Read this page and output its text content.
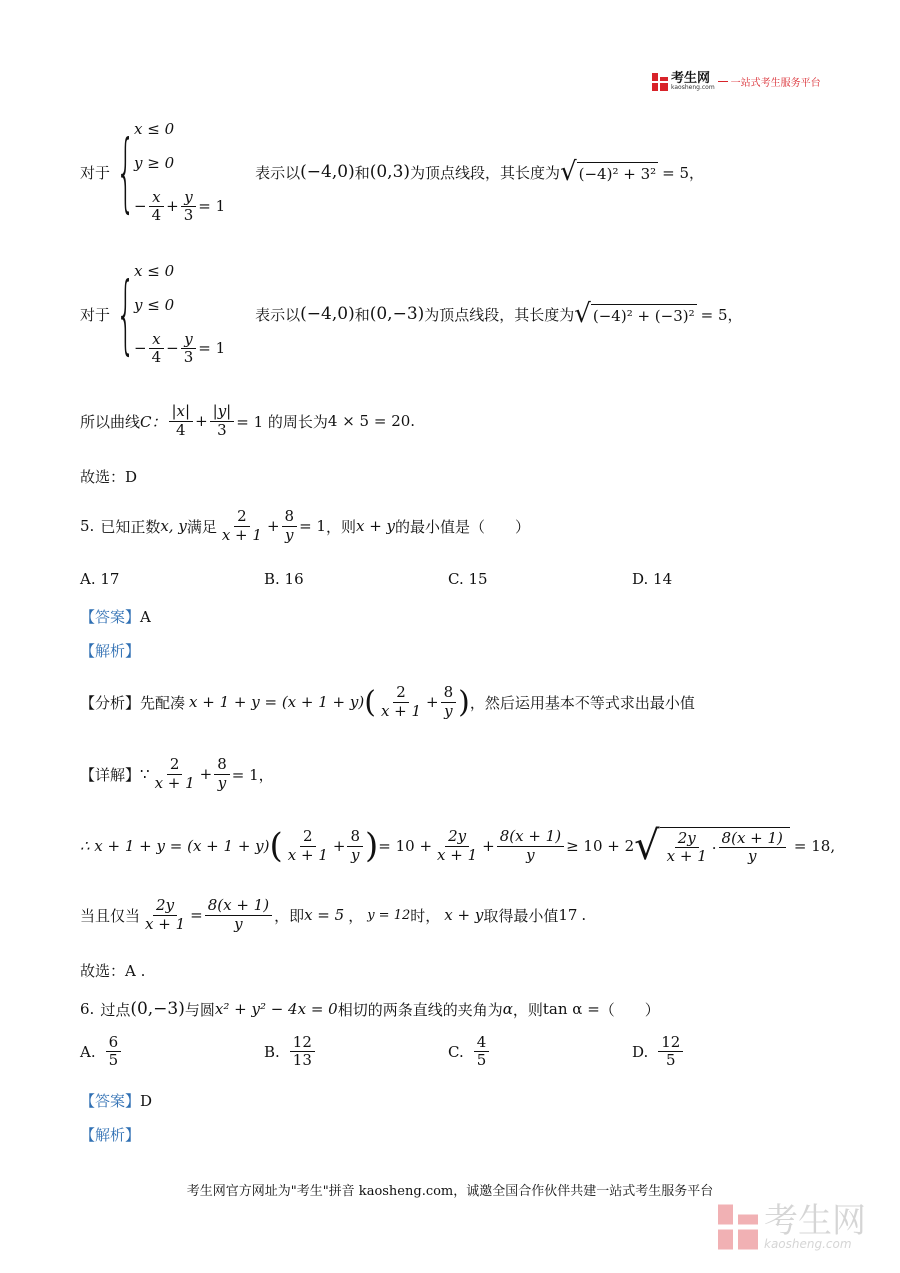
考生网
kaosheng.com 一站式考生服务平台
对于 {
x ≤ 0
y ≥ 0
− $\frac{x}{4} + \frac{y}{3} = 1$
表示以 (−4,0) 和 (0,3) 为顶点线段，其长度为 √ (−4)² + 3² = 5，
对于 {
x ≤ 0
y ≤ 0
− $\frac{x}{4} - \frac{y}{3} = 1$
表示以 (−4,0) 和 (0,−3) 为顶点线段，其长度为 √ (−4)² + (−3)² = 5，
所以曲线 C： $\frac{|x|}{4} + \frac{|y|}{3} = 1$ 的周长为 4 × 5 = 20 .
故选：D
5. 已知正数 x, y 满足 $\frac{2}{x + 1} + \frac{8}{y} = 1$ ，则 x + y 的最小值是（　　）
A. 17	B. 16	C. 15	D. 14
【答案】A
【解析】
【分析】 先配凑 x + 1 + y = (x + 1 + y) ( $\frac{2}{x + 1} + \frac{8}{y}$ ) ，然后运用基本不等式求出最小值
【详解】 ∵ $\frac{2}{x + 1} + \frac{8}{y} = 1$，
∴ x + 1 + y = (x + 1 + y) ( $\frac{2}{x + 1} + \frac{8}{y}$ ) = $10 + \frac{2y}{x + 1} + \frac{8(x + 1)}{y} \ge 10 + 2$ √ $\frac{2y}{x + 1} \cdot \frac{8(x + 1)}{y} = 18$,
当且仅当 $\frac{2y}{x + 1} = \frac{8(x + 1)}{y}$ ，即 x = 5 ， y = 12 时， x + y 取得最小值 17 .
故选：A .
6. 过点 (0,−3) 与圆 x² + y² − 4x = 0 相切的两条直线的夹角为 α ，则 tan α = （　　）
A. $\frac{6}{5}$	B. $\frac{12}{13}$	C. $\frac{4}{5}$	D. $\frac{12}{5}$
【答案】D
【解析】
考生网官方网址为"考生"拼音 kaosheng.com，诚邀全国合作伙伴共建一站式考生服务平台
考生网
kaosheng.com
